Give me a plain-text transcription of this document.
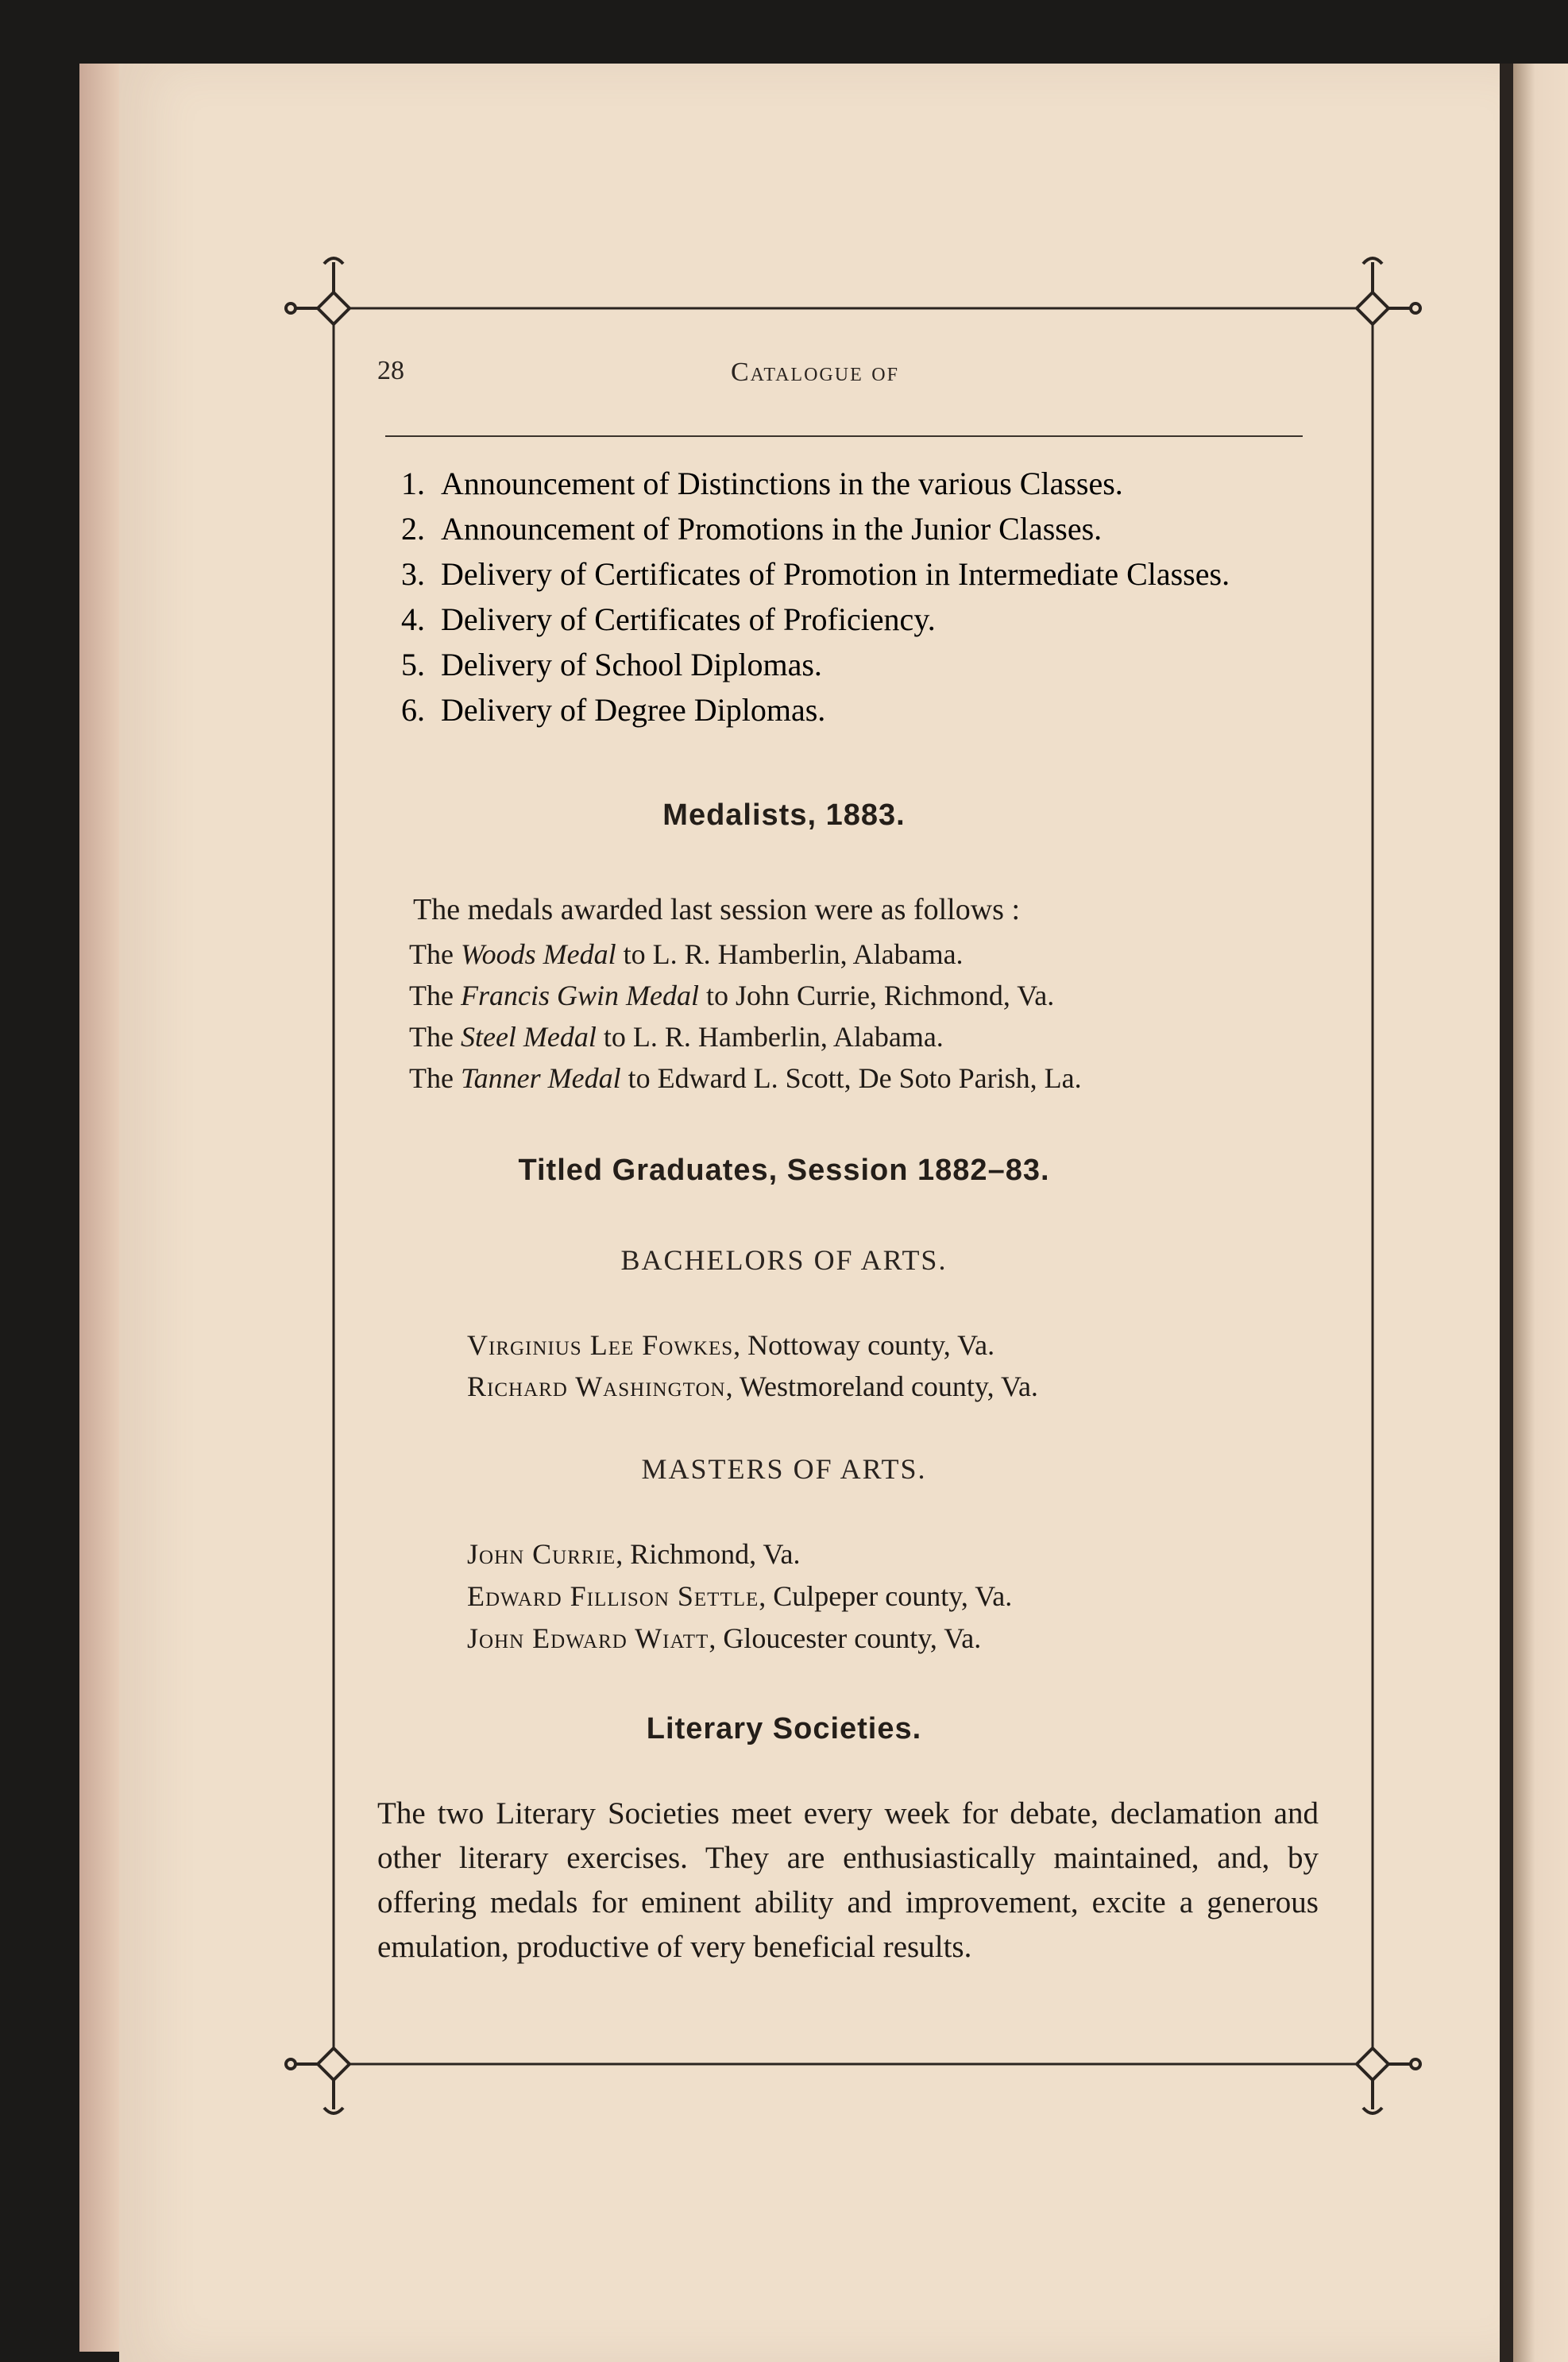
28	Catalogue of
1. Announcement of Distinctions in the various Classes.
2. Announcement of Promotions in the Junior Classes.
3. Delivery of Certificates of Promotion in Intermediate Classes.
4. Delivery of Certificates of Proficiency.
5. Delivery of School Diplomas.
6. Delivery of Degree Diplomas.
Medalists, 1883.
The medals awarded last session were as follows :
The Woods Medal to L. R. Hamberlin, Alabama.
The Francis Gwin Medal to John Currie, Richmond, Va.
The Steel Medal to L. R. Hamberlin, Alabama.
The Tanner Medal to Edward L. Scott, De Soto Parish, La.
Titled Graduates, Session 1882–83.
BACHELORS OF ARTS.
Virginius Lee Fowkes, Nottoway county, Va.
Richard Washington, Westmoreland county, Va.
MASTERS OF ARTS.
John Currie, Richmond, Va.
Edward Fillison Settle, Culpeper county, Va.
John Edward Wiatt, Gloucester county, Va.
Literary Societies.
The two Literary Societies meet every week for debate, declamation and other literary exercises. They are enthusiastically maintained, and, by offering medals for eminent ability and improvement, excite a generous emulation, productive of very beneficial results.
